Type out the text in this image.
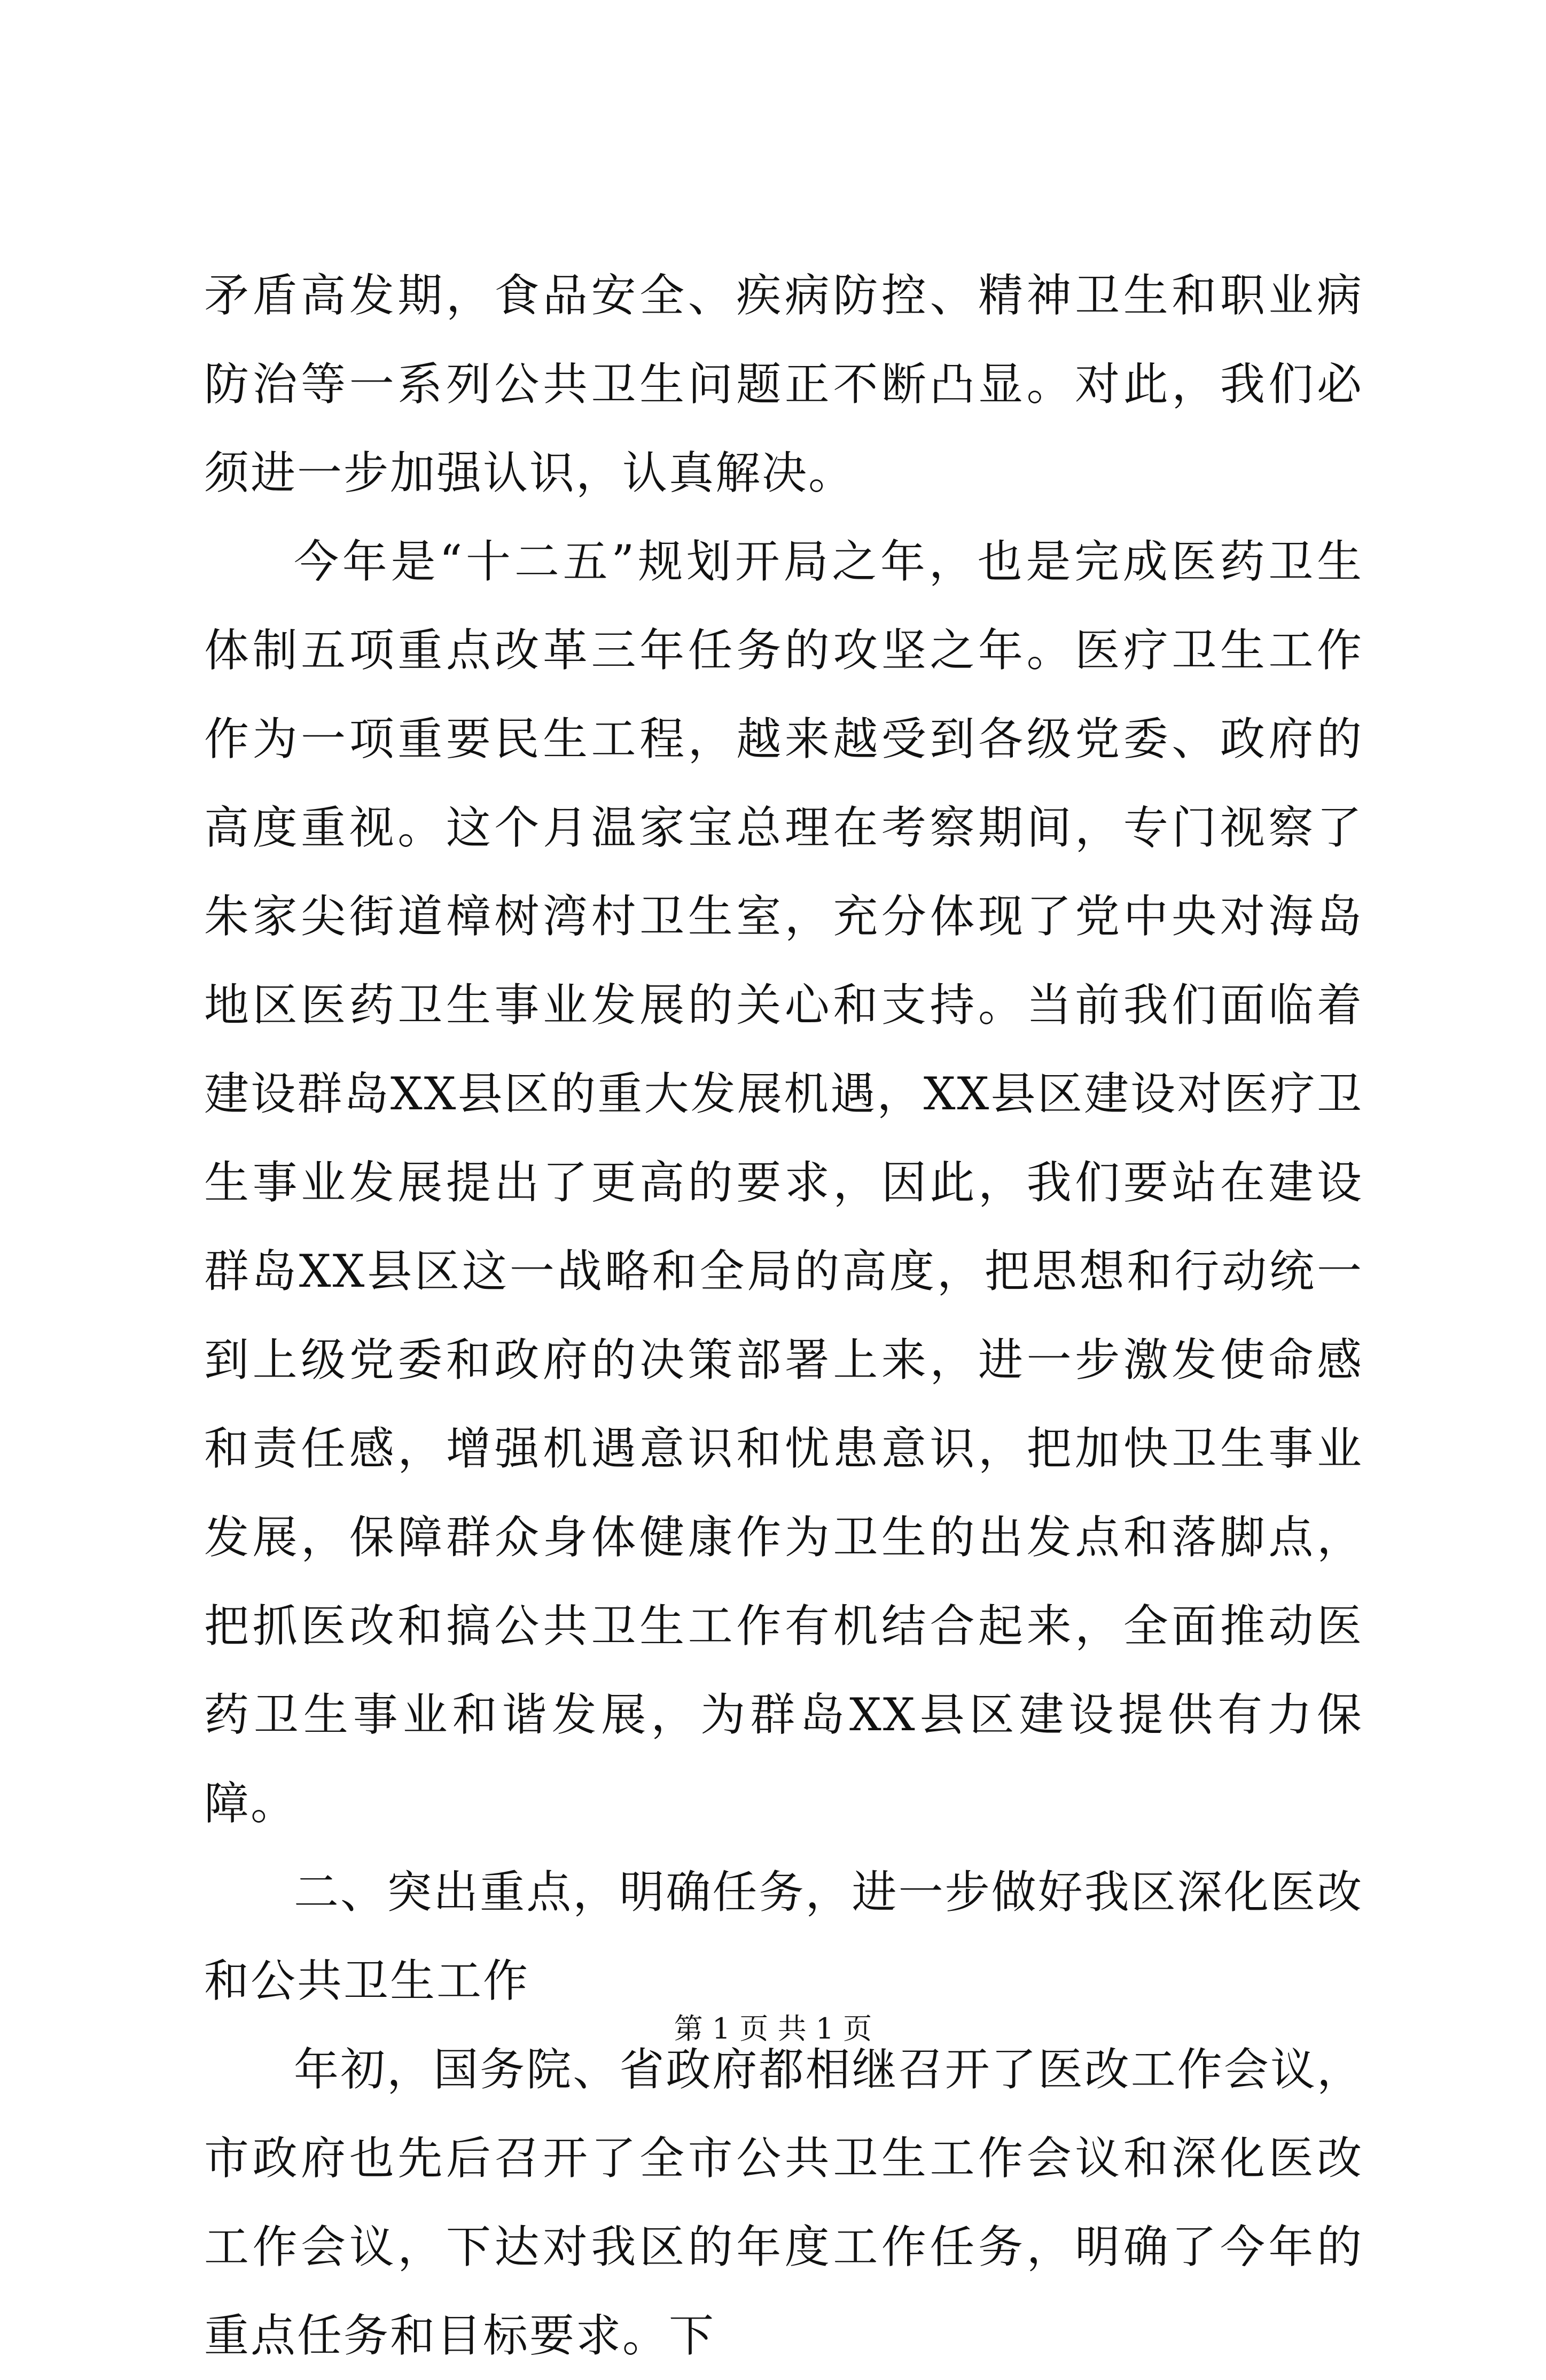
矛盾高发期，食品安全、疾病防控、精神卫生和职业病防治等一系列公共卫生问题正不断凸显。对此，我们必须进一步加强认识，认真解决。

今年是“十二五”规划开局之年，也是完成医药卫生体制五项重点改革三年任务的攻坚之年。医疗卫生工作作为一项重要民生工程，越来越受到各级党委、政府的高度重视。这个月温家宝总理在考察期间，专门视察了朱家尖街道樟树湾村卫生室，充分体现了党中央对海岛地区医药卫生事业发展的关心和支持。当前我们面临着建设群岛XX县区的重大发展机遇，XX县区建设对医疗卫生事业发展提出了更高的要求，因此，我们要站在建设群岛XX县区这一战略和全局的高度，把思想和行动统一到上级党委和政府的决策部署上来，进一步激发使命感和责任感，增强机遇意识和忧患意识，把加快卫生事业发展，保障群众身体健康作为卫生的出发点和落脚点，把抓医改和搞公共卫生工作有机结合起来，全面推动医药卫生事业和谐发展，为群岛XX县区建设提供有力保障。

二、突出重点，明确任务，进一步做好我区深化医改和公共卫生工作

年初，国务院、省政府都相继召开了医改工作会议，市政府也先后召开了全市公共卫生工作会议和深化医改工作会议，下达对我区的年度工作任务，明确了今年的重点任务和目标要求。下

第 1 页 共 1 页
